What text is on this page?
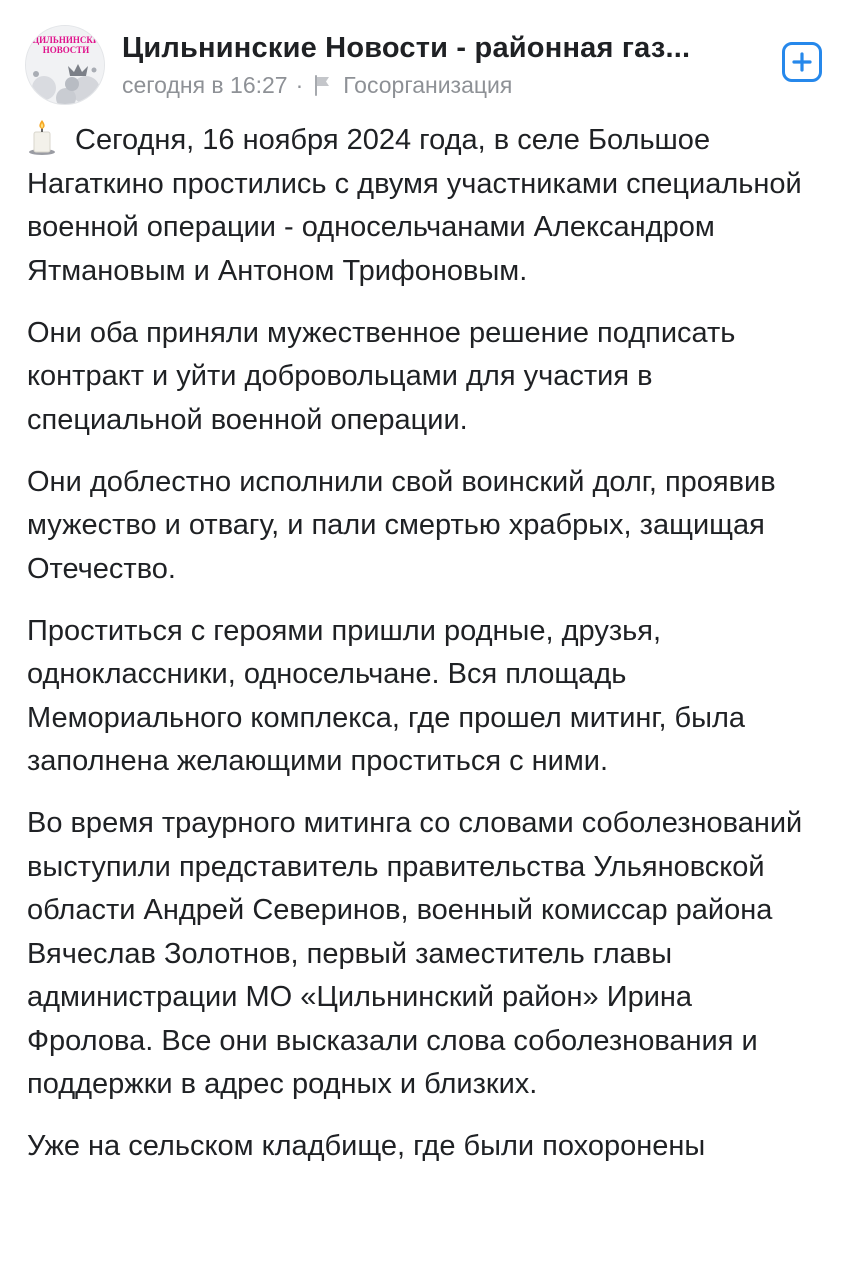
ЦИЛЬНИНСКИ
НОВОСТИ Цильнинские Новости - районная газ...
сегодня в 16:27 · Госорганизация

Сегодня, 16 ноября 2024 года, в селе Большое Нагаткино простились с двумя участниками специальной военной операции - односельчанами Александром Ятмановым и Антоном Трифоновым.

Они оба приняли мужественное решение подписать контракт и уйти добровольцами для участия в специальной военной операции.

Они доблестно исполнили свой воинский долг, проявив мужество и отвагу, и пали смертью храбрых, защищая Отечество.

Проститься с героями пришли родные, друзья, одноклассники, односельчане. Вся площадь Мемориального комплекса, где прошел митинг, была заполнена желающими проститься с ними.

Во время траурного митинга со словами соболезнований выступили представитель правительства Ульяновской области Андрей Северинов, военный комиссар района Вячеслав Золотнов, первый заместитель главы администрации МО «Цильнинский район» Ирина Фролова. Все они высказали слова соболезнования и поддержки в адрес родных и близких.

Уже на сельском кладбище, где были похоронены
